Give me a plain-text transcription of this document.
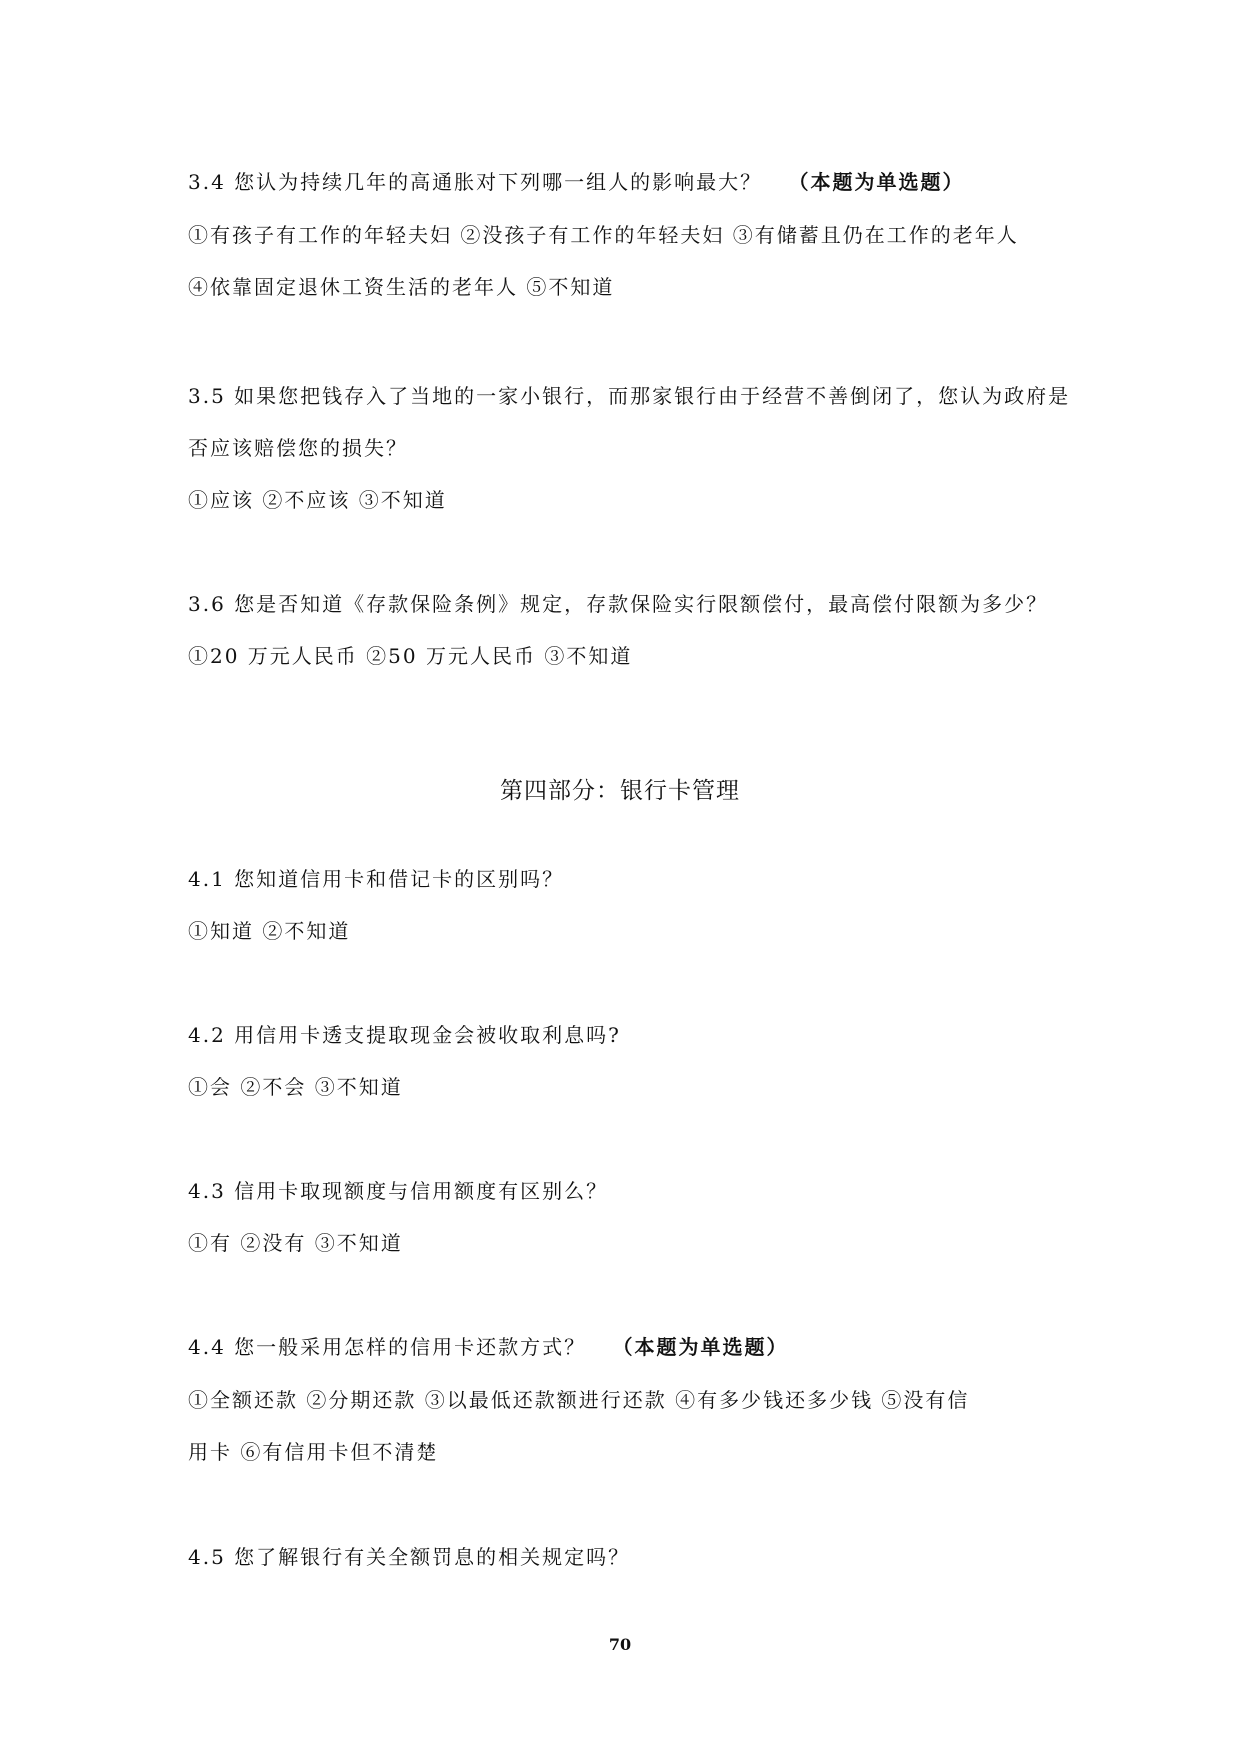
3.4 您认为持续几年的高通胀对下列哪一组人的影响最大？ （本题为单选题）
①有孩子有工作的年轻夫妇 ②没孩子有工作的年轻夫妇 ③有储蓄且仍在工作的老年人
④依靠固定退休工资生活的老年人 ⑤不知道
3.5 如果您把钱存入了当地的一家小银行，而那家银行由于经营不善倒闭了，您认为政府是
否应该赔偿您的损失？
①应该 ②不应该 ③不知道
3.6 您是否知道《存款保险条例》规定，存款保险实行限额偿付，最高偿付限额为多少？
①20 万元人民币 ②50 万元人民币 ③不知道
第四部分：银行卡管理
4.1 您知道信用卡和借记卡的区别吗？
①知道 ②不知道
4.2 用信用卡透支提取现金会被收取利息吗?
①会 ②不会 ③不知道
4.3 信用卡取现额度与信用额度有区别么？
①有 ②没有 ③不知道
4.4 您一般采用怎样的信用卡还款方式？ （本题为单选题）
①全额还款 ②分期还款 ③以最低还款额进行还款 ④有多少钱还多少钱 ⑤没有信
用卡 ⑥有信用卡但不清楚
4.5 您了解银行有关全额罚息的相关规定吗？
70
